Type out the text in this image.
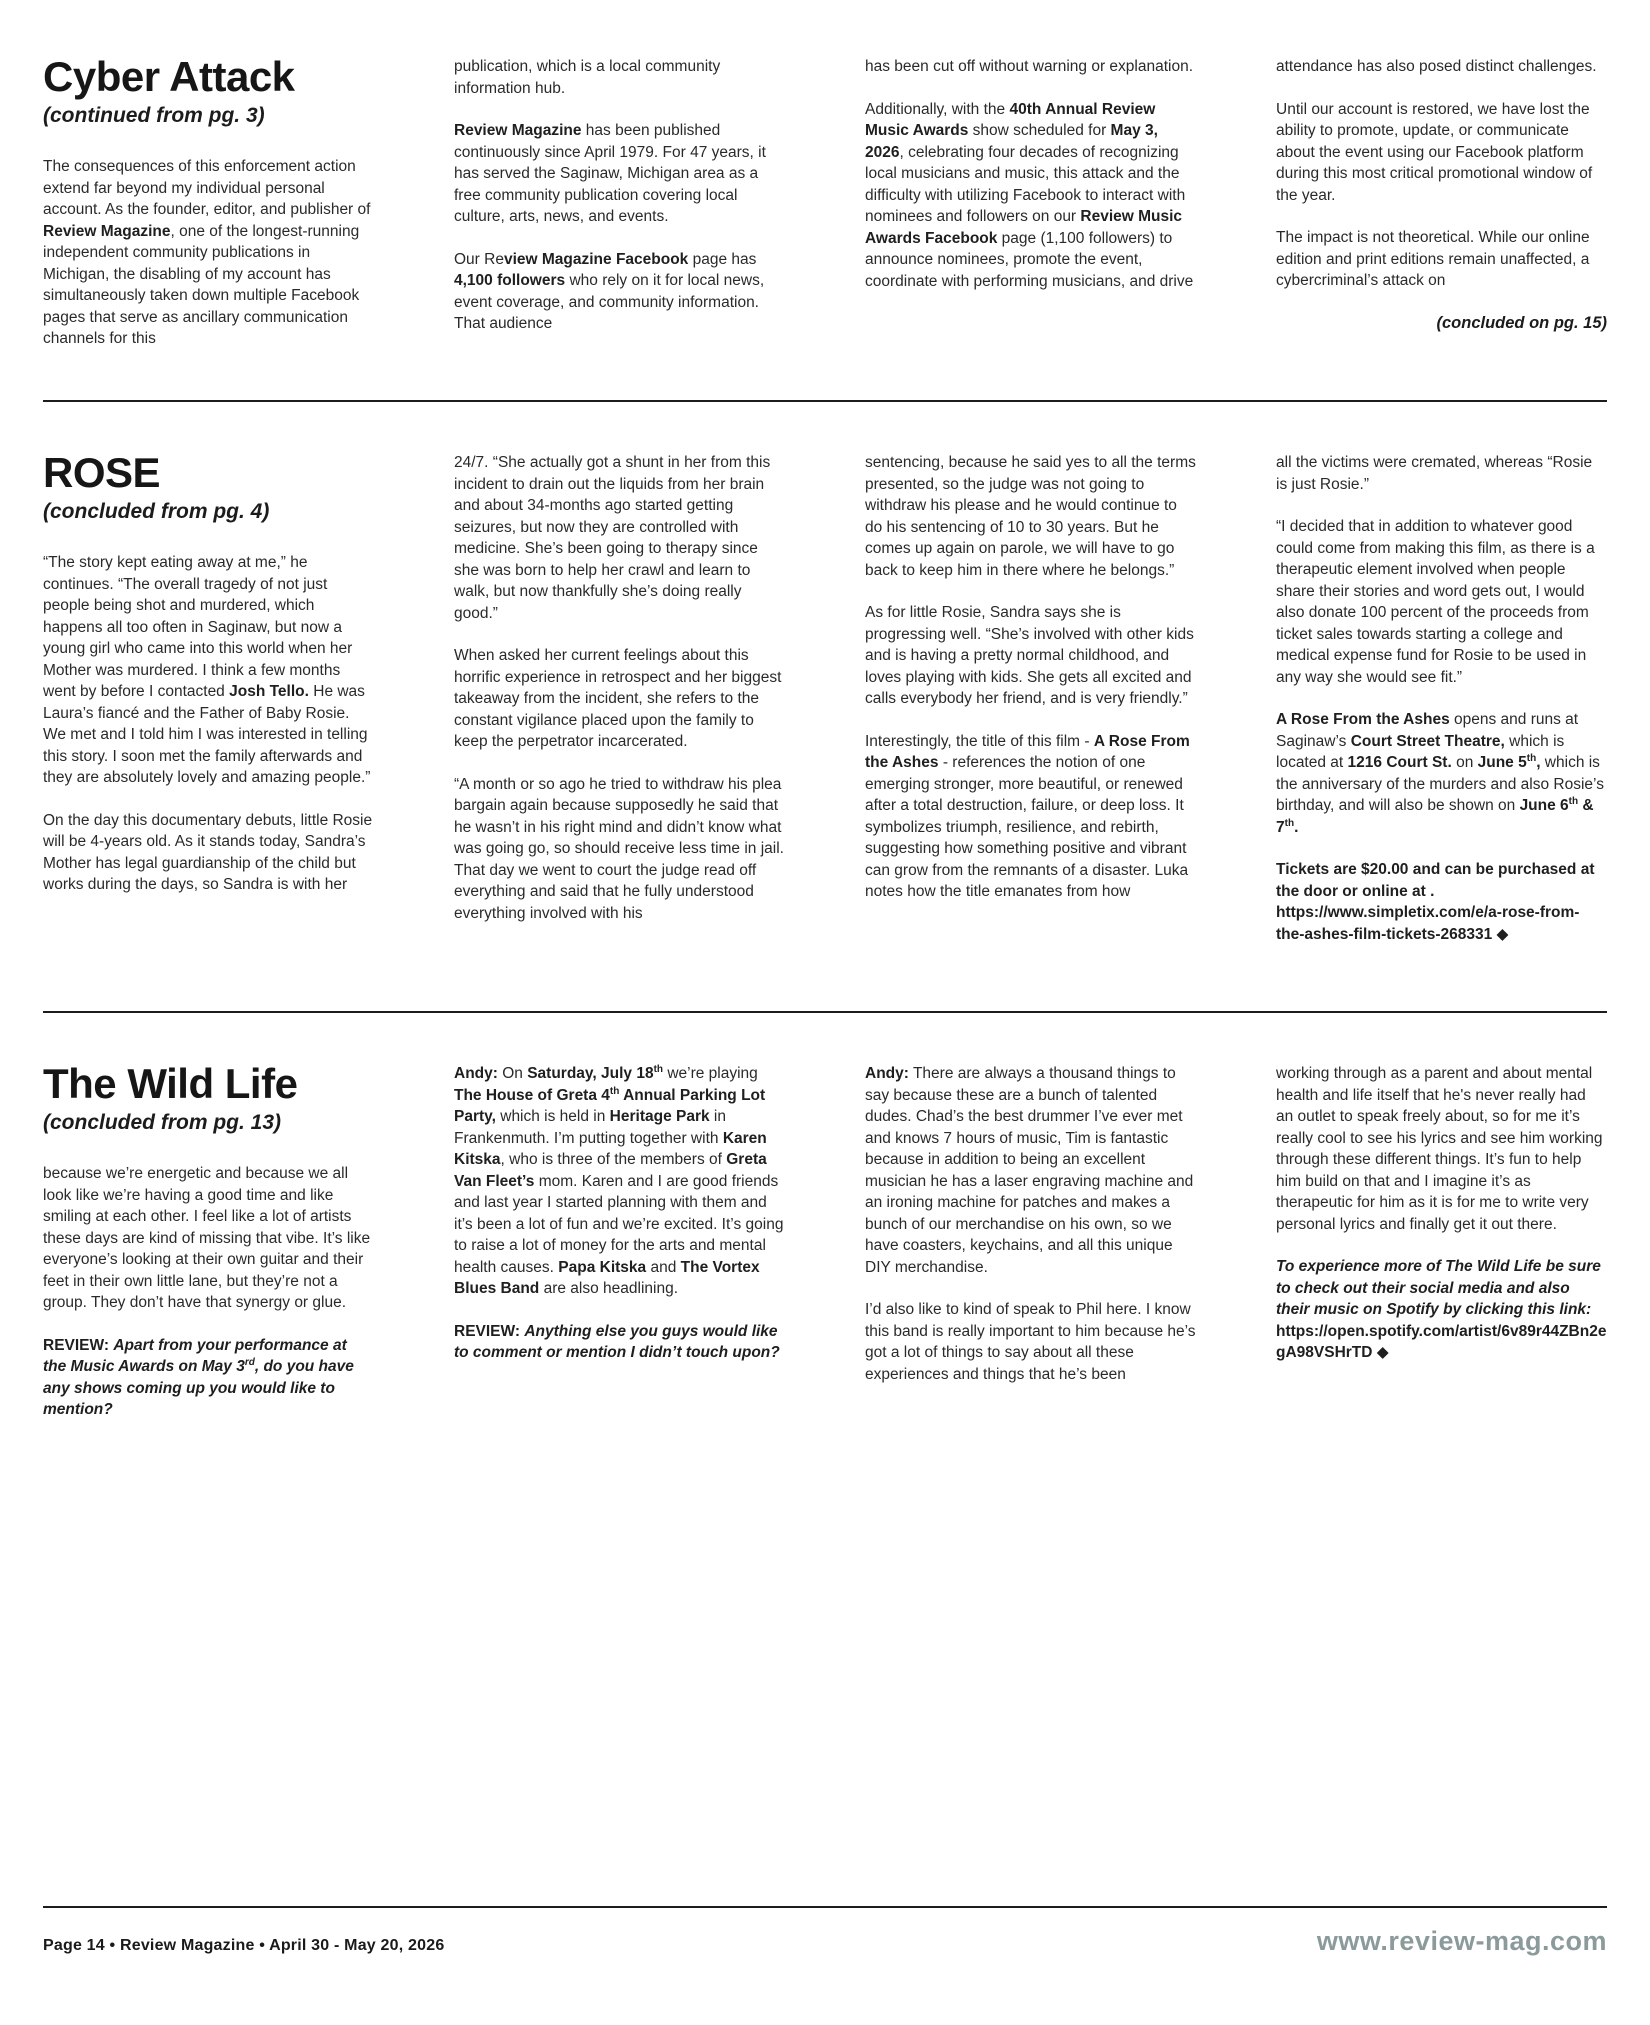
Cyber Attack

(continued from pg. 3)

The consequences of this enforcement action extend far beyond my individual personal account. As the founder, editor, and publisher of Review Magazine, one of the longest-running independent community publications in Michigan, the disabling of my account has simultaneously taken down multiple Facebook pages that serve as ancillary communication channels for this

publication, which is a local community information hub.

Review Magazine has been published continuously since April 1979. For 47 years, it has served the Saginaw, Michigan area as a free community publication covering local culture, arts, news, and events.

Our Review Magazine Facebook page has 4,100 followers who rely on it for local news, event coverage, and community information. That audience

has been cut off without warning or explanation.

Additionally, with the 40th Annual Review Music Awards show scheduled for May 3, 2026, celebrating four decades of recognizing local musicians and music, this attack and the difficulty with utilizing Facebook to interact with nominees and followers on our Review Music Awards Facebook page (1,100 followers) to announce nominees, promote the event, coordinate with performing musicians, and drive

attendance has also posed distinct challenges.

Until our account is restored, we have lost the ability to promote, update, or communicate about the event using our Facebook platform during this most critical promotional window of the year.

The impact is not theoretical. While our online edition and print editions remain unaffected, a cybercriminal’s attack on

(concluded on pg. 15)

ROSE

(concluded from pg. 4)

“The story kept eating away at me,” he continues. “The overall tragedy of not just people being shot and murdered, which happens all too often in Saginaw, but now a young girl who came into this world when her Mother was murdered. I think a few months went by before I contacted Josh Tello. He was Laura’s fiancé and the Father of Baby Rosie. We met and I told him I was interested in telling this story. I soon met the family afterwards and they are absolutely lovely and amazing people.”

On the day this documentary debuts, little Rosie will be 4-years old. As it stands today, Sandra’s Mother has legal guardianship of the child but works during the days, so Sandra is with her

24/7. “She actually got a shunt in her from this incident to drain out the liquids from her brain and about 34-months ago started getting seizures, but now they are controlled with medicine. She’s been going to therapy since she was born to help her crawl and learn to walk, but now thankfully she’s doing really good.”

When asked her current feelings about this horrific experience in retrospect and her biggest takeaway from the incident, she refers to the constant vigilance placed upon the family to keep the perpetrator incarcerated.

“A month or so ago he tried to withdraw his plea bargain again because supposedly he said that he wasn’t in his right mind and didn’t know what was going go, so should receive less time in jail. That day we went to court the judge read off everything and said that he fully understood everything involved with his

sentencing, because he said yes to all the terms presented, so the judge was not going to withdraw his please and he would continue to do his sentencing of 10 to 30 years. But he comes up again on parole, we will have to go back to keep him in there where he belongs.”

As for little Rosie, Sandra says she is progressing well. “She’s involved with other kids and is having a pretty normal childhood, and loves playing with kids. She gets all excited and calls everybody her friend, and is very friendly.”

Interestingly, the title of this film - A Rose From the Ashes - references the notion of one emerging stronger, more beautiful, or renewed after a total destruction, failure, or deep loss. It symbolizes triumph, resilience, and rebirth, suggesting how something positive and vibrant can grow from the remnants of a disaster. Luka notes how the title emanates from how

all the victims were cremated, whereas “Rosie is just Rosie.”

“I decided that in addition to whatever good could come from making this film, as there is a therapeutic element involved when people share their stories and word gets out, I would also donate 100 percent of the proceeds from ticket sales towards starting a college and medical expense fund for Rosie to be used in any way she would see fit.”

A Rose From the Ashes opens and runs at Saginaw’s Court Street Theatre, which is located at 1216 Court St. on June 5th, which is the anniversary of the murders and also Rosie’s birthday, and will also be shown on June 6th & 7th.

Tickets are $20.00 and can be purchased at the door or online at . https://www.simpletix.com/e/a-rose-from-the-ashes-film-tickets-268331 ◆

The Wild Life

(concluded from pg. 13)

because we’re energetic and because we all look like we’re having a good time and like smiling at each other. I feel like a lot of artists these days are kind of missing that vibe. It’s like everyone’s looking at their own guitar and their feet in their own little lane, but they’re not a group. They don’t have that synergy or glue.

REVIEW: Apart from your performance at the Music Awards on May 3rd, do you have any shows coming up you would like to mention?

Andy: On Saturday, July 18th we’re playing The House of Greta 4th Annual Parking Lot Party, which is held in Heritage Park in Frankenmuth. I’m putting together with Karen Kitska, who is three of the members of Greta Van Fleet’s mom. Karen and I are good friends and last year I started planning with them and it’s been a lot of fun and we’re excited. It’s going to raise a lot of money for the arts and mental health causes. Papa Kitska and The Vortex Blues Band are also headlining.

REVIEW: Anything else you guys would like to comment or mention I didn’t touch upon?

Andy: There are always a thousand things to say because these are a bunch of talented dudes. Chad’s the best drummer I’ve ever met and knows 7 hours of music, Tim is fantastic because in addition to being an excellent musician he has a laser engraving machine and an ironing machine for patches and makes a bunch of our merchandise on his own, so we have coasters, keychains, and all this unique DIY merchandise.

I’d also like to kind of speak to Phil here. I know this band is really important to him because he’s got a lot of things to say about all these experiences and things that he’s been

working through as a parent and about mental health and life itself that he's never really had an outlet to speak freely about, so for me it’s really cool to see his lyrics and see him working through these different things. It’s fun to help him build on that and I imagine it’s as therapeutic for him as it is for me to write very personal lyrics and finally get it out there.

To experience more of The Wild Life be sure to check out their social media and also their music on Spotify by clicking this link: https://open.spotify.com/artist/6v89r44ZBn2egA98VSHrTD ◆

Page 14 • Review Magazine • April 30 - May 20, 2026	www.review-mag.com
